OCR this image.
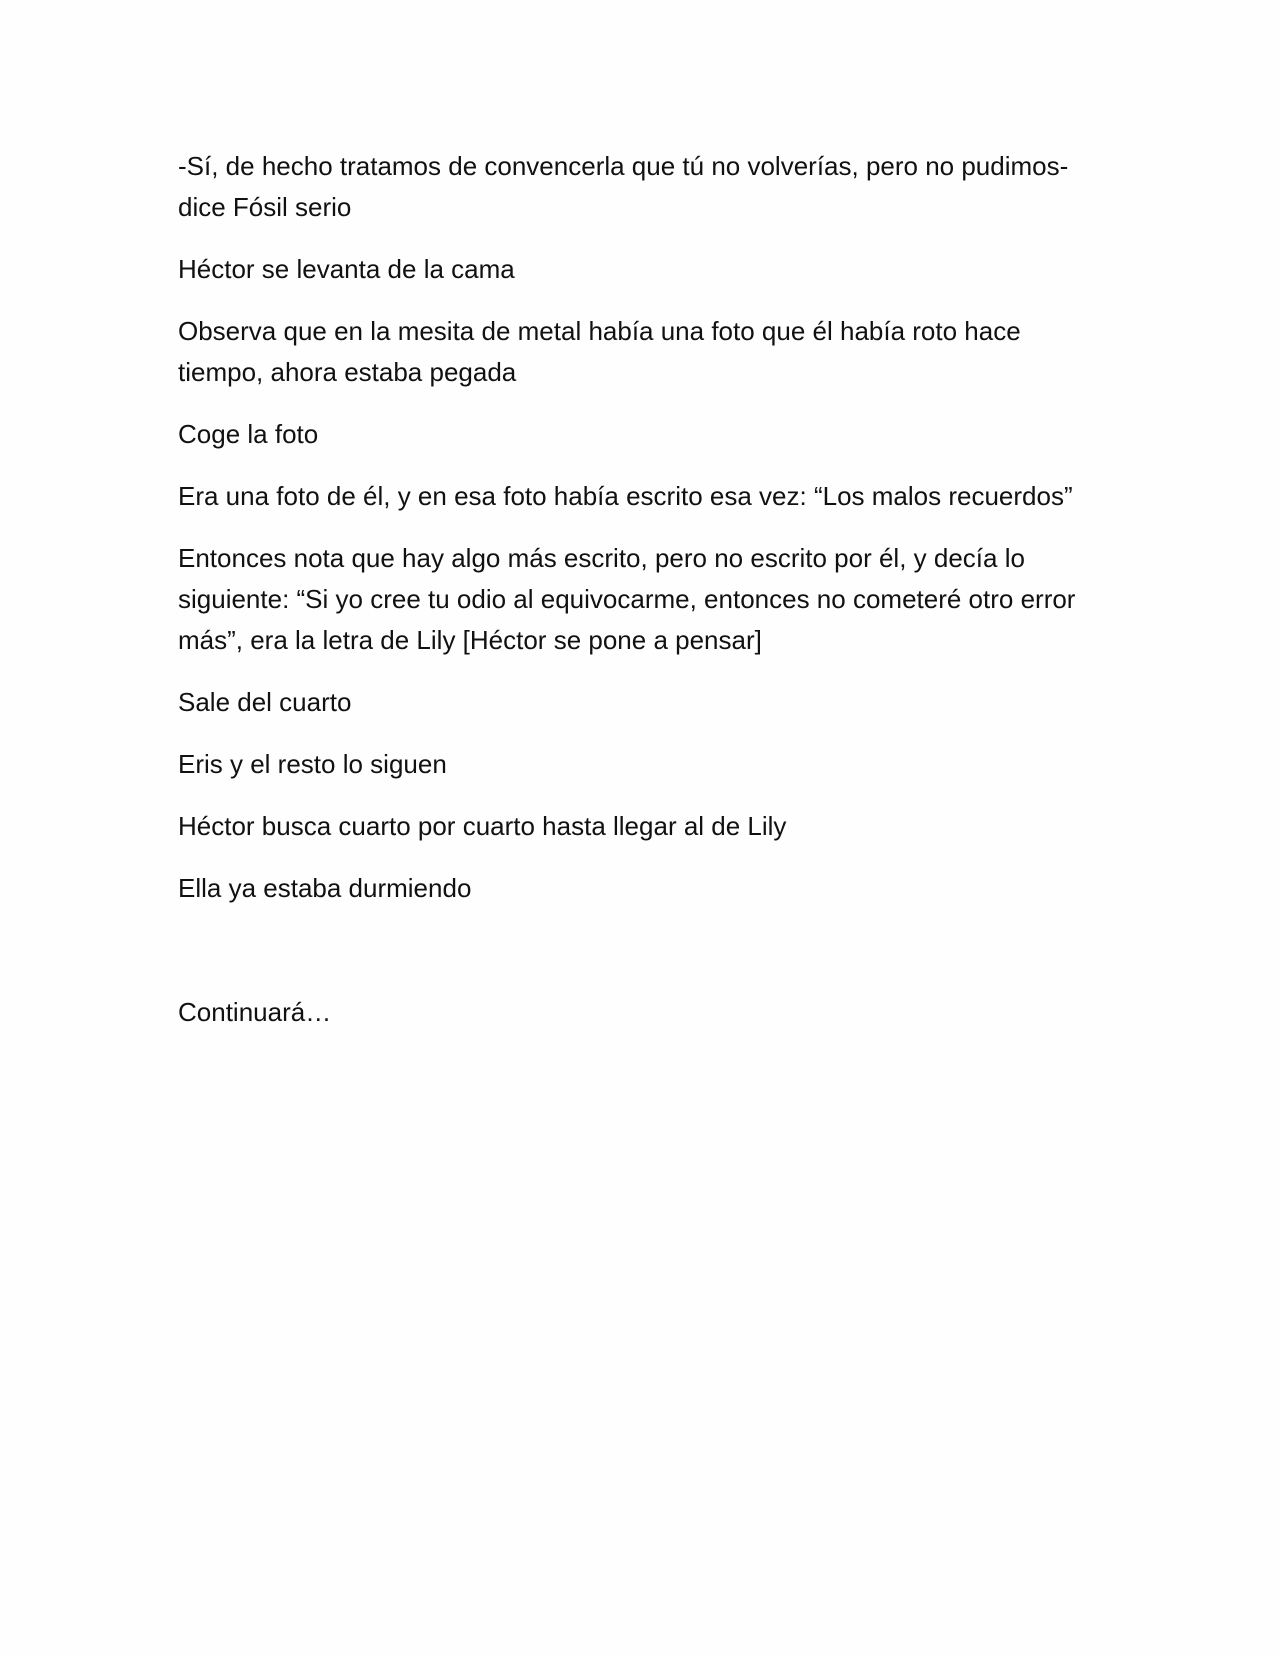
-Sí, de hecho tratamos de convencerla que tú no volverías, pero no pudimos- dice Fósil serio

Héctor se levanta de la cama

Observa que en la mesita de metal había una foto que él había roto hace tiempo, ahora estaba pegada

Coge la foto

Era una foto de él, y en esa foto había escrito esa vez: “Los malos recuerdos”

Entonces nota que hay algo más escrito, pero no escrito por él, y decía lo siguiente: “Si yo cree tu odio al equivocarme, entonces no cometeré otro error más”, era la letra de Lily [Héctor se pone a pensar]

Sale del cuarto

Eris y el resto lo siguen

Héctor busca cuarto por cuarto hasta llegar al de Lily

Ella ya estaba durmiendo

Continuará…
